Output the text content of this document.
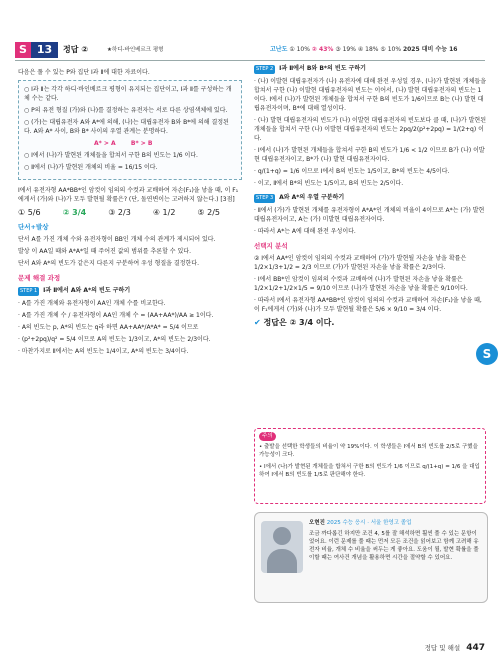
S 13	정답 ②	★하디-바인베르크 평형	고난도 ① 10% ② 43% ③ 19% ④ 18% ⑤ 10% 2025 대비 수능 16

다음은 풀 수 있는 P와 집단 Ⅰ과 Ⅱ에 대한 자료이다.

○ Ⅰ과 Ⅱ는 각각 하디·바인베르크 평형이 유지되는 집단이고, Ⅰ과 Ⅱ를 구성하는 개체 수는 같다.

○ P의 유전 형질 (가)와 (나)를 결정하는 유전자는 서로 다른 상염색체에 있다.

○ (가)는 대립유전자 A와 A*에 의해, (나)는 대립유전자 B와 B*에 의해 결정된다. A와 A* 사이, B와 B* 사이의 우열 관계는 분명하다.

A* > A	B* > B

○ Ⅰ에서 (나)가 발현된 개체들을 합쳐서 구한 B의 빈도는 1/6 이다.

○ Ⅱ에서 (나)가 발현된 개체의 비율 = 16/15 이다.

Ⅰ에서 유전자형 AA*BB*인 암컷이 임의의 수컷과 교배하여 자손(F₁)을 낳을 때, 이 F₁에게서 (가)와 (나)가 모두 발현될 확률은? (단, 돌연변이는 고려하지 않는다.) [3점]

① 5/6	② 3/4	③ 2/3	④ 1/2	⑤ 2/5
단서+발상

단서 A를 가진 개체 수와 유전자형이 BB인 개체 수의 관계가 제시되어 있다.

발상 이 AA일 때와 A*A*일 때 주어진 값의 범위를 추론할 수 있다.

단서 A와 A*의 빈도가 같은지 다른지 구분하여 우성 형질을 결정한다.

문제 해결 과정

STEP 1 Ⅰ과 Ⅱ에서 A와 A*의 빈도 구하기

· A를 가진 개체와 유전자형이 AA인 개체 수를 비교한다.

· A를 가진 개체 수 / 유전자형이 AA인 개체 수 = (AA+AA*)/AA ≥ 1이다.

· A의 빈도는 p, A*의 빈도는 q라 하면 AA+AA*/A*A* = 5/4 이므로

· (p²+2pq)/q² = 5/4 이므로 A의 빈도는 1/3이고, A*의 빈도는 2/3이다.

· 마찬가지로 Ⅱ에서는 A의 빈도는 1/4이고, A*의 빈도는 3/4이다.

STEP 2 Ⅰ과 Ⅱ에서 B와 B*의 빈도 구하기

· (나) 이발현 대립유전자가 (나) 유전자에 대해 완전 우성일 경우, (나)가 발현된 개체들을 합쳐서 구한 (나) 이발현 대립유전자의 빈도는 이어서, (나) 발현 대립유전자의 빈도는 1이다. Ⅰ에서 (나)가 발현된 개체들을 합쳐서 구한 B의 빈도가 1/6이므로 B는 (나) 발현 대립유전자이며, B*에 대해 열성이다.

· (나) 발현 대립유전자의 빈도가 (나) 이발현 대립유전자의 빈도보다 클 때, (나)가 발현된 개체들을 합쳐서 구한 (나) 이발현 대립유전자의 빈도는 2pq/2(p²+2pq) = 1/(2+q) 이다.

· Ⅰ에서 (나)가 발현된 개체들을 합쳐서 구한 B의 빈도가 1/6 < 1/2 이므로 B가 (나) 이발현 대립유전자이고, B*가 (나) 발현 대립유전자이다.

· q/(1+q) = 1/6 이므로 Ⅰ에서 B의 빈도는 1/5이고, B*의 빈도는 4/5이다.

· 이고, Ⅱ에서 B*의 빈도는 1/5이고, B의 빈도는 2/5이다.

STEP 3 A와 A*의 우열 구분하기

· Ⅱ에서 (가)가 발현된 개체를 유전자형이 A*A*인 개체의 비율이 4이므로 A*는 (가) 발현 대립유전자이고, A는 (가) 미발현 대립유전자이다.

· 따라서 A*는 A에 대해 완전 우성이다.

선택지 분석

② Ⅰ에서 AA*인 암컷이 임의의 수컷과 교배하여 (가)가 발현될 자손을 낳을 확률은 1/2×1/3+1/2 = 2/3 이므로 (가)가 발현된 자손을 낳을 확률은 2/3이다.

· Ⅰ에서 BB*인 암컷이 임의의 수컷과 교배하여 (나)가 발현된 자손을 낳을 확률은 1/2×1/2+1/2×1/5 = 9/10 이므로 (나)가 발현된 자손을 낳을 확률은 9/10이다.

· 따라서 Ⅰ에서 유전자형 AA*BB*인 암컷이 임의의 수컷과 교배하여 자손(F₁)을 낳을 때, 이 F₁에게서 (가)와 (나)가 모두 발현될 확률은 5/6 × 9/10 = 3/4 이다.

✔ 정답은 ② 3/4 이다.

주의

• 출발을 선택한 학생들의 비율이 약 19%이다. 이 학생들은 Ⅰ에서 B의 빈도를 2/5로 구했을 가능성이 크다.

• Ⅰ에서 (나)가 발현된 개체들을 합쳐서 구한 B의 빈도가 1/6 이므로 q/(1+q) = 1/6 을 대입하여 Ⅰ에서 B의 빈도를 1/5로 판단해야 한다.

오현진 2025 수능 응시 · 서울 한영고 졸업

조금 까다롭긴 하지만 조건 4, 5를 잘 해석하면 훨씬 풀 수 있는 문항이었어요. 이런 문제를 풀 때는 먼저 모든 조건을 읽어보고 함께 고려해 유전자 비율, 개체 수 비율을 써두는 게 좋아요. 도움이 될, 발현 확률을 풀이할 때는 여사건 개념을 활용하면 시간을 절약할 수 있어요.

S
정답 및 해설 447
